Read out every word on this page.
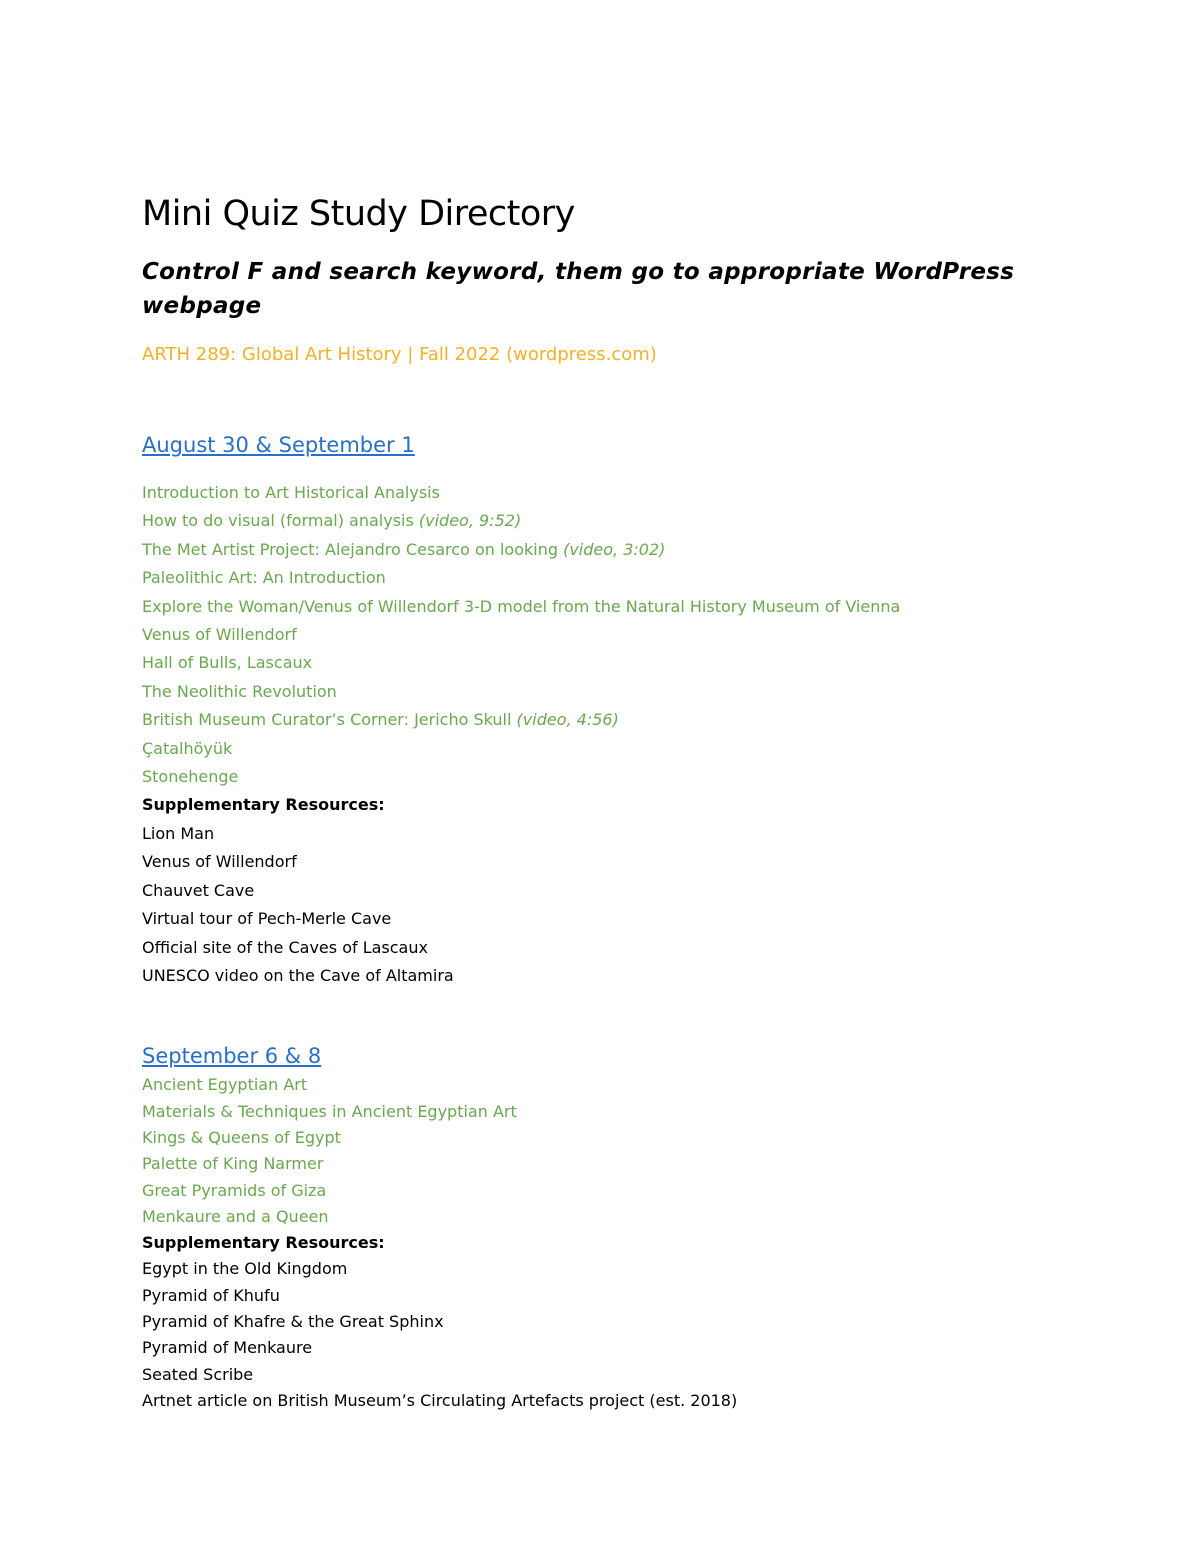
Mini Quiz Study Directory
Control F and search keyword, them go to appropriate WordPress webpage
ARTH 289: Global Art History | Fall 2022 (wordpress.com)
August 30 & September 1
Introduction to Art Historical Analysis
How to do visual (formal) analysis (video, 9:52)
The Met Artist Project: Alejandro Cesarco on looking (video, 3:02)
Paleolithic Art: An Introduction
Explore the Woman/Venus of Willendorf 3-D model from the Natural History Museum of Vienna
Venus of Willendorf
Hall of Bulls, Lascaux
The Neolithic Revolution
British Museum Curator’s Corner: Jericho Skull (video, 4:56)
Çatalhöyük
Stonehenge
Supplementary Resources:
Lion Man
Venus of Willendorf
Chauvet Cave
Virtual tour of Pech-Merle Cave
Official site of the Caves of Lascaux
UNESCO video on the Cave of Altamira
September 6 & 8
Ancient Egyptian Art
Materials & Techniques in Ancient Egyptian Art
Kings & Queens of Egypt
Palette of King Narmer
Great Pyramids of Giza
Menkaure and a Queen
Supplementary Resources:
Egypt in the Old Kingdom
Pyramid of Khufu
Pyramid of Khafre & the Great Sphinx
Pyramid of Menkaure
Seated Scribe
Artnet article on British Museum’s Circulating Artefacts project (est. 2018)
